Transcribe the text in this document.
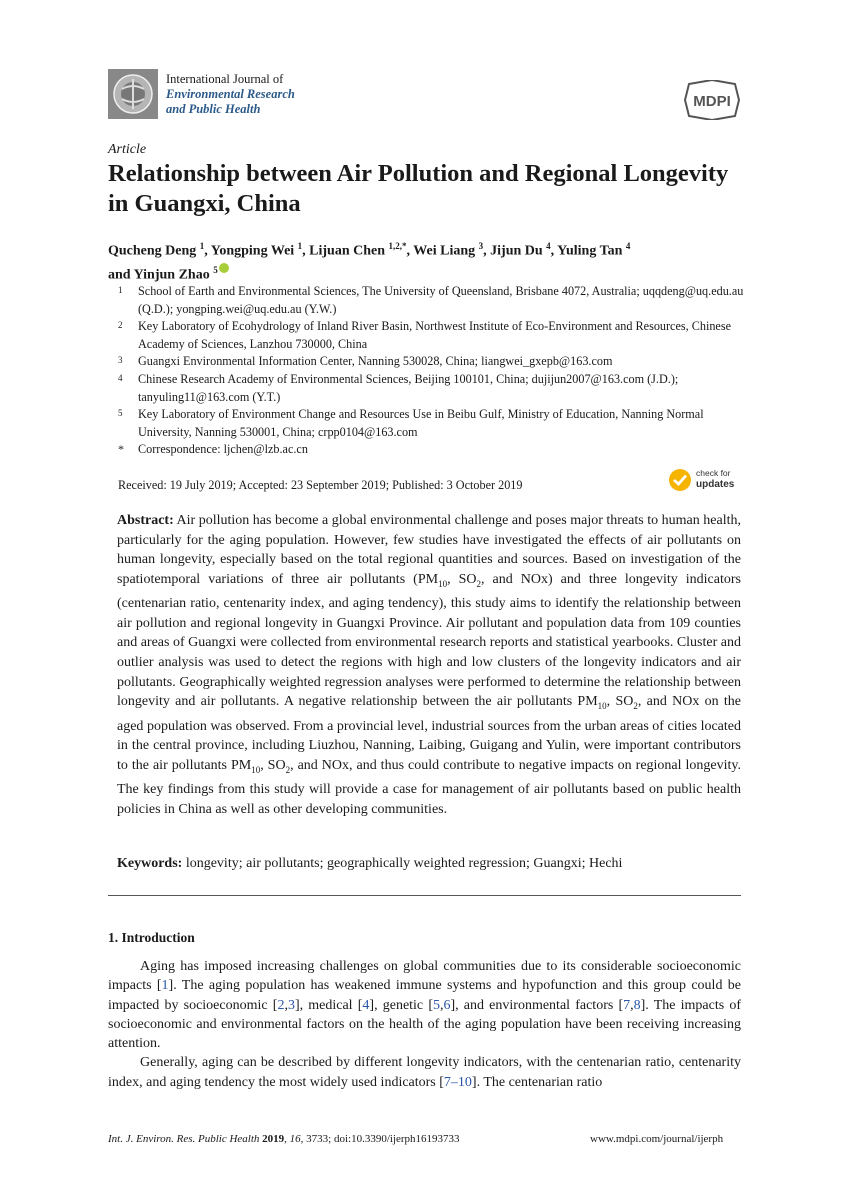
International Journal of
Environmental Research
and Public Health	MDPI
Article
Relationship between Air Pollution and Regional Longevity in Guangxi, China
Qucheng Deng $^1$, Yongping Wei $^1$, Lijuan Chen $^{1,2,*}$, Wei Liang $^3$, Jijun Du $^4$, Yuling Tan $^4$
and Yinjun Zhao $^5$
1 School of Earth and Environmental Sciences, The University of Queensland, Brisbane 4072, Australia; uqqdeng@uq.edu.au (Q.D.); yongping.wei@uq.edu.au (Y.W.)
2 Key Laboratory of Ecohydrology of Inland River Basin, Northwest Institute of Eco-Environment and Resources, Chinese Academy of Sciences, Lanzhou 730000, China
3 Guangxi Environmental Information Center, Nanning 530028, China; liangwei_gxepb@163.com
4 Chinese Research Academy of Environmental Sciences, Beijing 100101, China; dujijun2007@163.com (J.D.); tanyuling11@163.com (Y.T.)
5 Key Laboratory of Environment Change and Resources Use in Beibu Gulf, Ministry of Education, Nanning Normal University, Nanning 530001, China; crpp0104@163.com
* Correspondence: ljchen@lzb.ac.cn
Received: 19 July 2019; Accepted: 23 September 2019; Published: 3 October 2019
check for
updates
Abstract: Air pollution has become a global environmental challenge and poses major threats to human health, particularly for the aging population. However, few studies have investigated the effects of air pollutants on human longevity, especially based on the total regional quantities and sources. Based on investigation of the spatiotemporal variations of three air pollutants ($PM_{10}$, $SO_2$, and NOx) and three longevity indicators (centenarian ratio, centenarity index, and aging tendency), this study aims to identify the relationship between air pollution and regional longevity in Guangxi Province. Air pollutant and population data from 109 counties and areas of Guangxi were collected from environmental research reports and statistical yearbooks. Cluster and outlier analysis was used to detect the regions with high and low clusters of the longevity indicators and air pollutants. Geographically weighted regression analyses were performed to determine the relationship between longevity and air pollutants. A negative relationship between the air pollutants $PM_{10}$, $SO_2$, and NOx on the aged population was observed. From a provincial level, industrial sources from the urban areas of cities located in the central province, including Liuzhou, Nanning, Laibing, Guigang and Yulin, were important contributors to the air pollutants $PM_{10}$, $SO_2$, and NOx, and thus could contribute to negative impacts on regional longevity. The key findings from this study will provide a case for management of air pollutants based on public health policies in China as well as other developing communities.
Keywords: longevity; air pollutants; geographically weighted regression; Guangxi; Hechi
1. Introduction

Aging has imposed increasing challenges on global communities due to its considerable socioeconomic impacts [1]. The aging population has weakened immune systems and hypofunction and this group could be impacted by socioeconomic [2,3], medical [4], genetic [5,6], and environmental factors [7,8]. The impacts of socioeconomic and environmental factors on the health of the aging population have been receiving increasing attention.

Generally, aging can be described by different longevity indicators, with the centenarian ratio, centenarity index, and aging tendency the most widely used indicators [7–10]. The centenarian ratio

Int. J. Environ. Res. Public Health 2019, 16, 3733; doi:10.3390/ijerph16193733	www.mdpi.com/journal/ijerph
